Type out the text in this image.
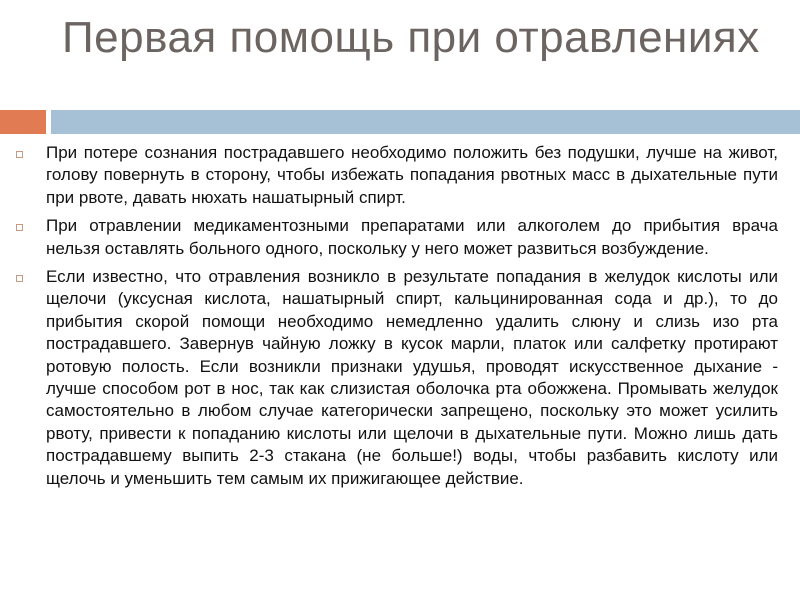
Первая помощь при отравлениях
При потере сознания пострадавшего необходимо положить без подушки, лучше на живот, голову повернуть в сторону, чтобы избежать попадания рвотных масс в дыхательные пути при рвоте, давать нюхать нашатырный спирт.
При отравлении медикаментозными препаратами или алкоголем до прибытия врача нельзя оставлять больного одного, поскольку у него может развиться возбуждение.
Если известно, что отравления возникло в результате попадания в желудок кислоты или щелочи (уксусная кислота, нашатырный спирт, кальцинированная сода и др.), то до прибытия скорой помощи необходимо немедленно удалить слюну и слизь изо рта пострадавшего. Завернув чайную ложку в кусок марли, платок или салфетку протирают ротовую полость. Если возникли признаки удушья, проводят искусственное дыхание - лучше способом рот в нос, так как слизистая оболочка рта обожжена. Промывать желудок самостоятельно в любом случае категорически запрещено, поскольку это может усилить рвоту, привести к попаданию кислоты или щелочи в дыхательные пути. Можно лишь дать пострадавшему выпить 2-3 стакана (не больше!) воды, чтобы разбавить кислоту или щелочь и уменьшить тем самым их прижигающее действие.
